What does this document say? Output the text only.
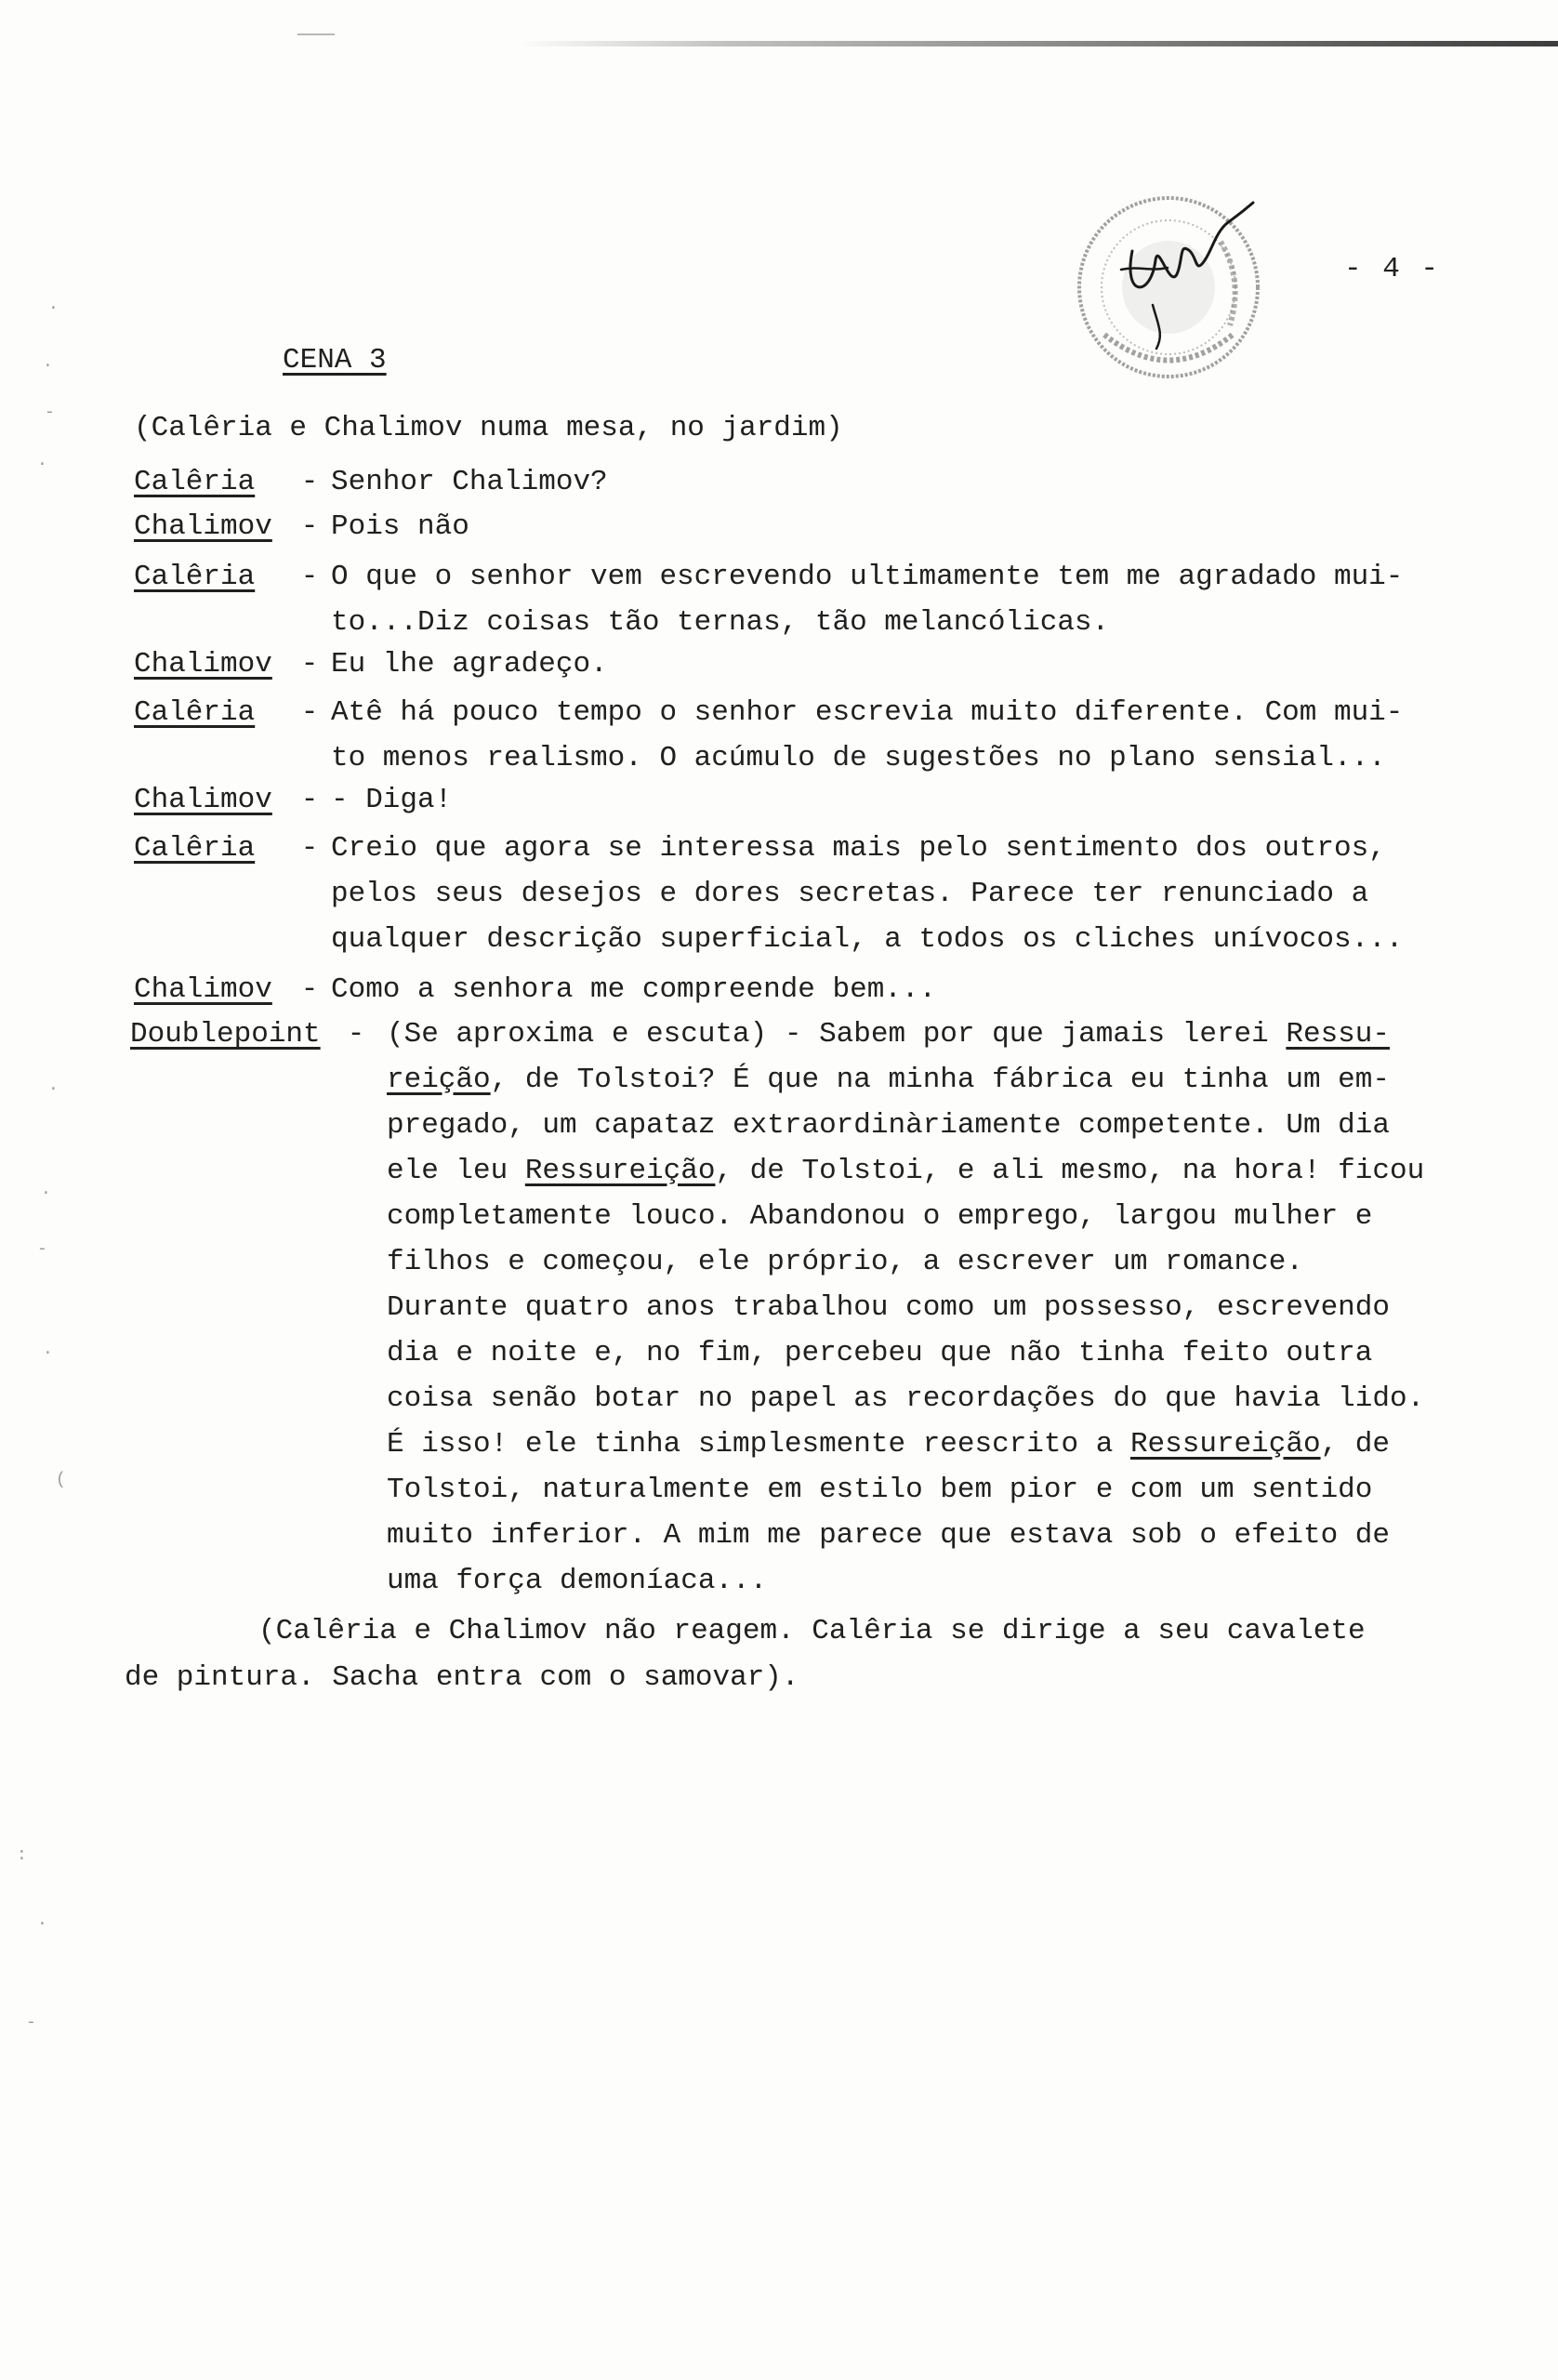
- 4 -
CENA 3
(Calêria e Chalimov numa mesa, no jardim)
Calêria	- Senhor Chalimov?
Chalimov - Pois não
Calêria	- O que o senhor vem escrevendo ultimamente tem me agradado mui-
to...Diz coisas tão ternas, tão melancólicas.
Chalimov - Eu lhe agradeço.
Calêria	- Atê há pouco tempo o senhor escrevia muito diferente. Com mui-
to menos realismo. O acúmulo de sugestões no plano sensial...
Chalimov - - Diga!
Calêria	- Creio que agora se interessa mais pelo sentimento dos outros,
pelos seus desejos e dores secretas. Parece ter renunciado a
qualquer descrição superficial, a todos os cliches unívocos...
Chalimov - Como a senhora me compreende bem...
Doublepoint - (Se aproxima e escuta) - Sabem por que jamais lerei Ressu-
reição, de Tolstoi? É que na minha fábrica eu tinha um em-
pregado, um capataz extraordinàriamente competente. Um dia
ele leu Ressureição, de Tolstoi, e ali mesmo, na hora! ficou
completamente louco. Abandonou o emprego, largou mulher e
filhos e começou, ele próprio, a escrever um romance.
Durante quatro anos trabalhou como um possesso, escrevendo
dia e noite e, no fim, percebeu que não tinha feito outra
coisa senão botar no papel as recordações do que havia lido.
É isso! ele tinha simplesmente reescrito a Ressureição, de
Tolstoi, naturalmente em estilo bem pior e com um sentido
muito inferior. A mim me parece que estava sob o efeito de
uma força demoníaca...
(Calêria e Chalimov não reagem. Calêria se dirige a seu cavalete
de pintura. Sacha entra com o samovar).
·
·
-
.
·
·
-
·
(
:
·
-
